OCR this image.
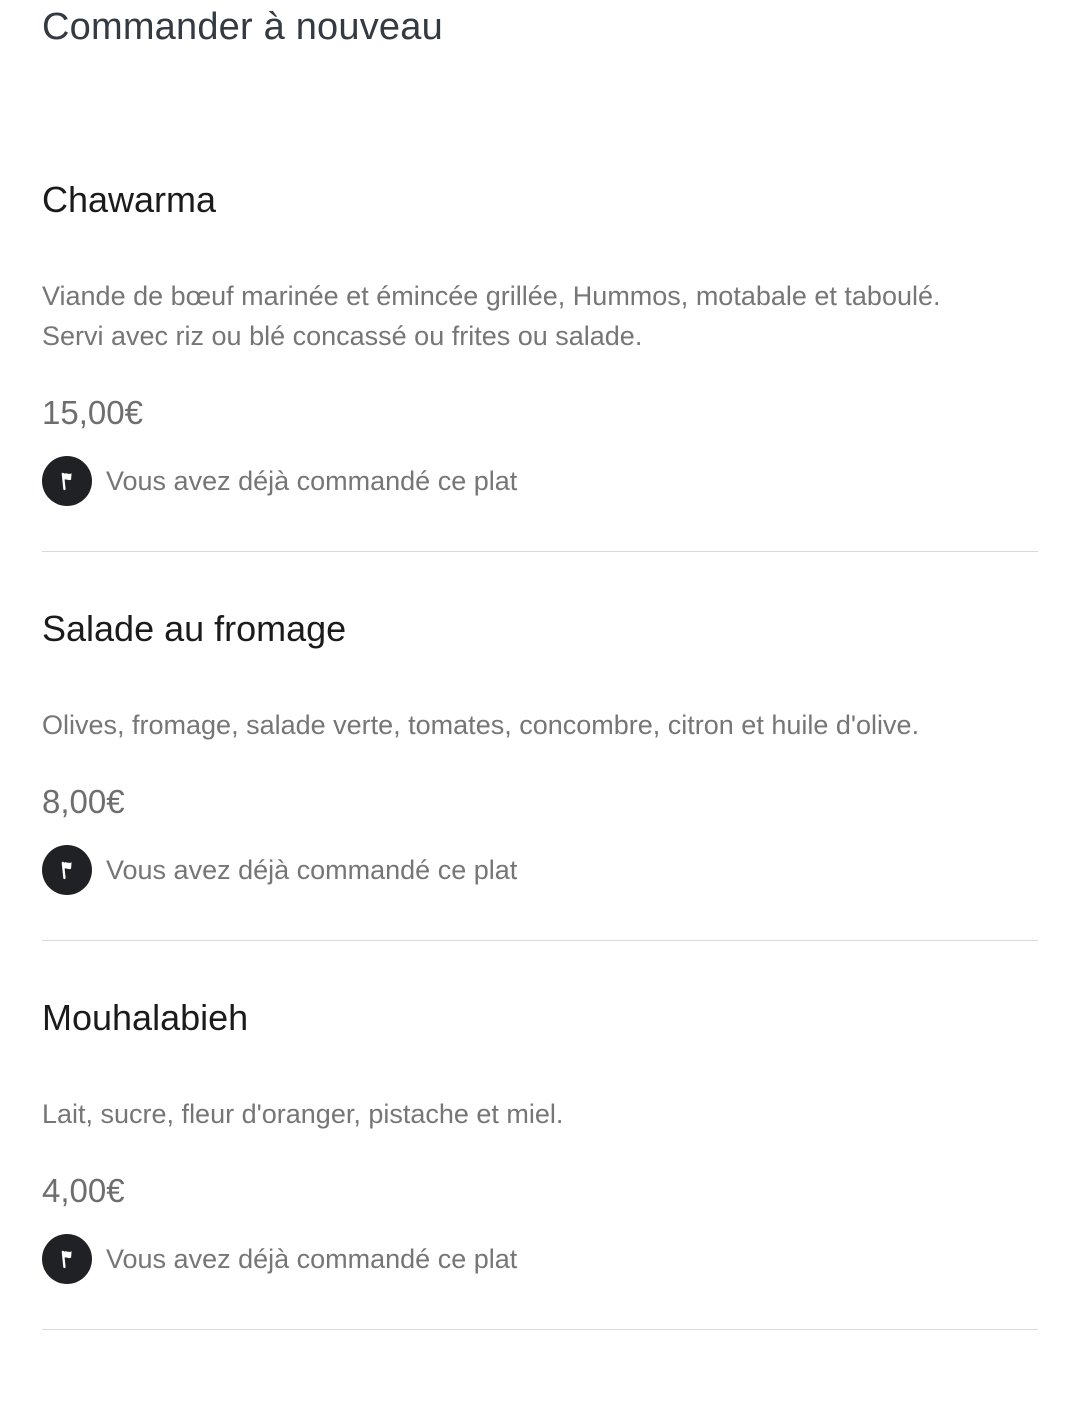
Commander à nouveau
Chawarma

Viande de bœuf marinée et émincée grillée, Hummos, motabale et taboulé. Servi avec riz ou blé concassé ou frites ou salade.

15,00€
Vous avez déjà commandé ce plat
Salade au fromage

Olives, fromage, salade verte, tomates, concombre, citron et huile d'olive.

8,00€
Vous avez déjà commandé ce plat
Mouhalabieh

Lait, sucre, fleur d'oranger, pistache et miel.

4,00€
Vous avez déjà commandé ce plat
